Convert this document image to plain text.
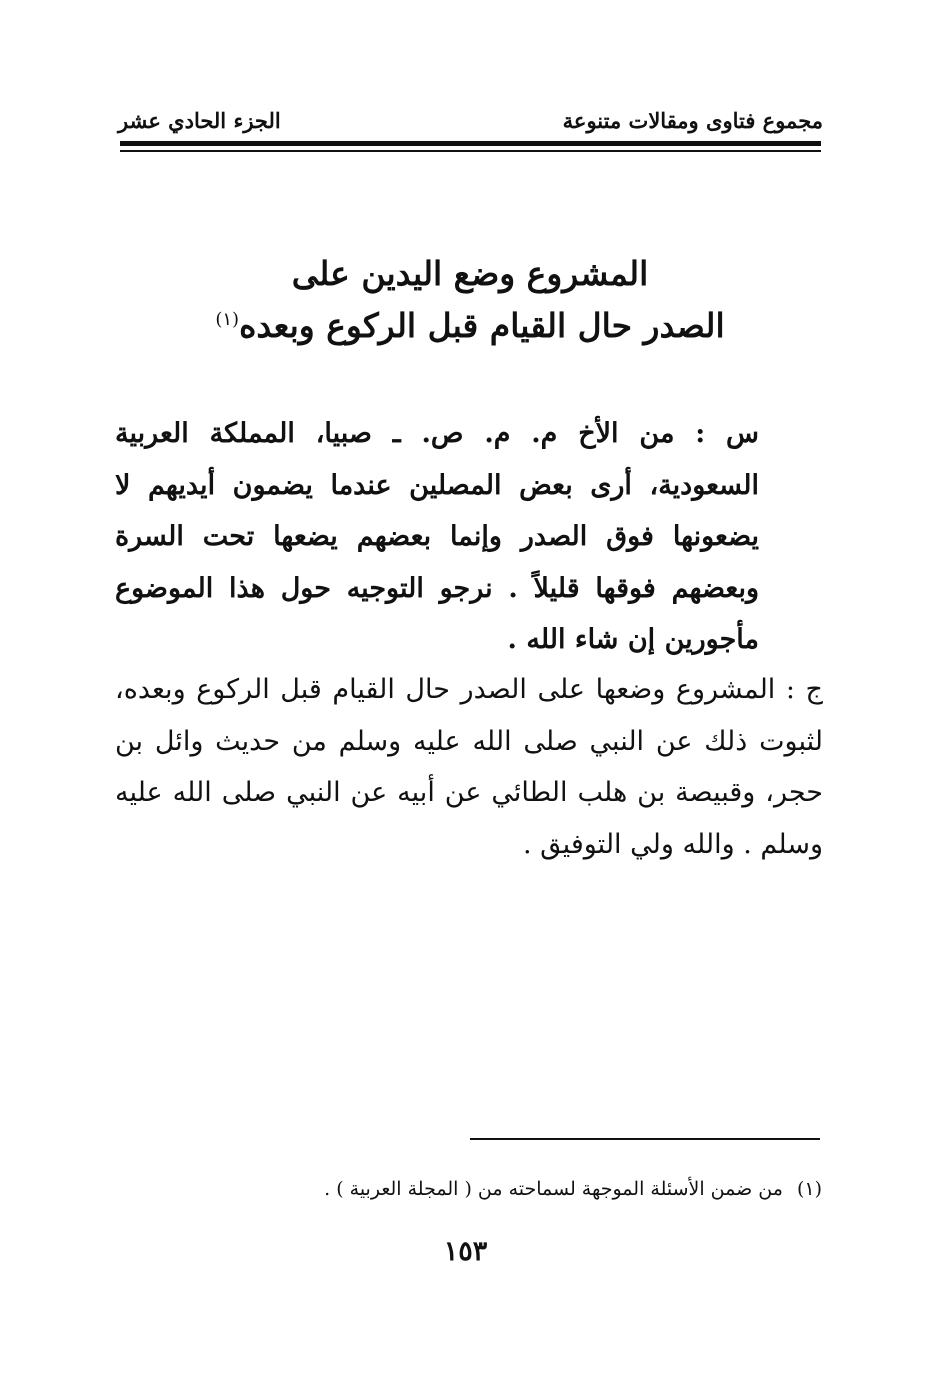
مجموع فتاوى ومقالات متنوعة
الجزء الحادي عشر
المشروع وضع اليدين على
الصدر حال القيام قبل الركوع وبعده$^{(١)}$

س : من الأخ م. م. ص. ـ صبيا، المملكة العربية السعودية، أرى بعض المصلين عندما يضمون أيديهم لا يضعونها فوق الصدر وإنما بعضهم يضعها تحت السرة وبعضهم فوقها قليلاً . نرجو التوجيه حول هذا الموضوع مأجورين إن شاء الله .

ج : المشروع وضعها على الصدر حال القيام قبل الركوع وبعده، لثبوت ذلك عن النبي صلى الله عليه وسلم من حديث وائل بن حجر، وقبيصة بن هلب الطائي عن أبيه عن النبي صلى الله عليه وسلم . والله ولي التوفيق .

(١)من ضمن الأسئلة الموجهة لسماحته من ( المجلة العربية ) .
١٥٣
